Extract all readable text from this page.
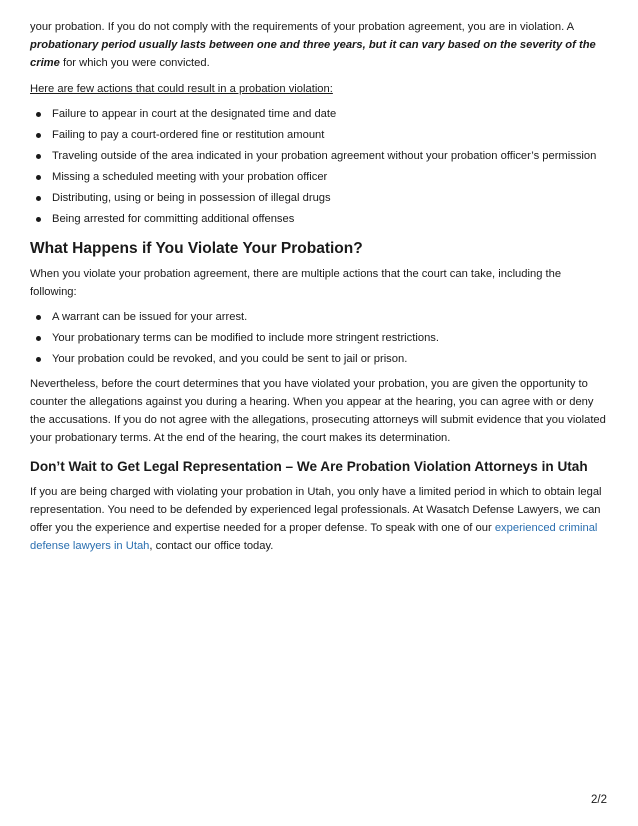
your probation. If you do not comply with the requirements of your probation agreement, you are in violation. A probationary period usually lasts between one and three years, but it can vary based on the severity of the crime for which you were convicted.

Here are few actions that could result in a probation violation:

Failure to appear in court at the designated time and date
Failing to pay a court-ordered fine or restitution amount
Traveling outside of the area indicated in your probation agreement without your probation officer’s permission
Missing a scheduled meeting with your probation officer
Distributing, using or being in possession of illegal drugs
Being arrested for committing additional offenses
What Happens if You Violate Your Probation?

When you violate your probation agreement, there are multiple actions that the court can take, including the following:

A warrant can be issued for your arrest.
Your probationary terms can be modified to include more stringent restrictions.
Your probation could be revoked, and you could be sent to jail or prison.

Nevertheless, before the court determines that you have violated your probation, you are given the opportunity to counter the allegations against you during a hearing. When you appear at the hearing, you can agree with or deny the accusations. If you do not agree with the allegations, prosecuting attorneys will submit evidence that you violated your probationary terms. At the end of the hearing, the court makes its determination.

Don’t Wait to Get Legal Representation – We Are Probation Violation Attorneys in Utah

If you are being charged with violating your probation in Utah, you only have a limited period in which to obtain legal representation. You need to be defended by experienced legal professionals. At Wasatch Defense Lawyers, we can offer you the experience and expertise needed for a proper defense. To speak with one of our experienced criminal defense lawyers in Utah, contact our office today.

2/2
